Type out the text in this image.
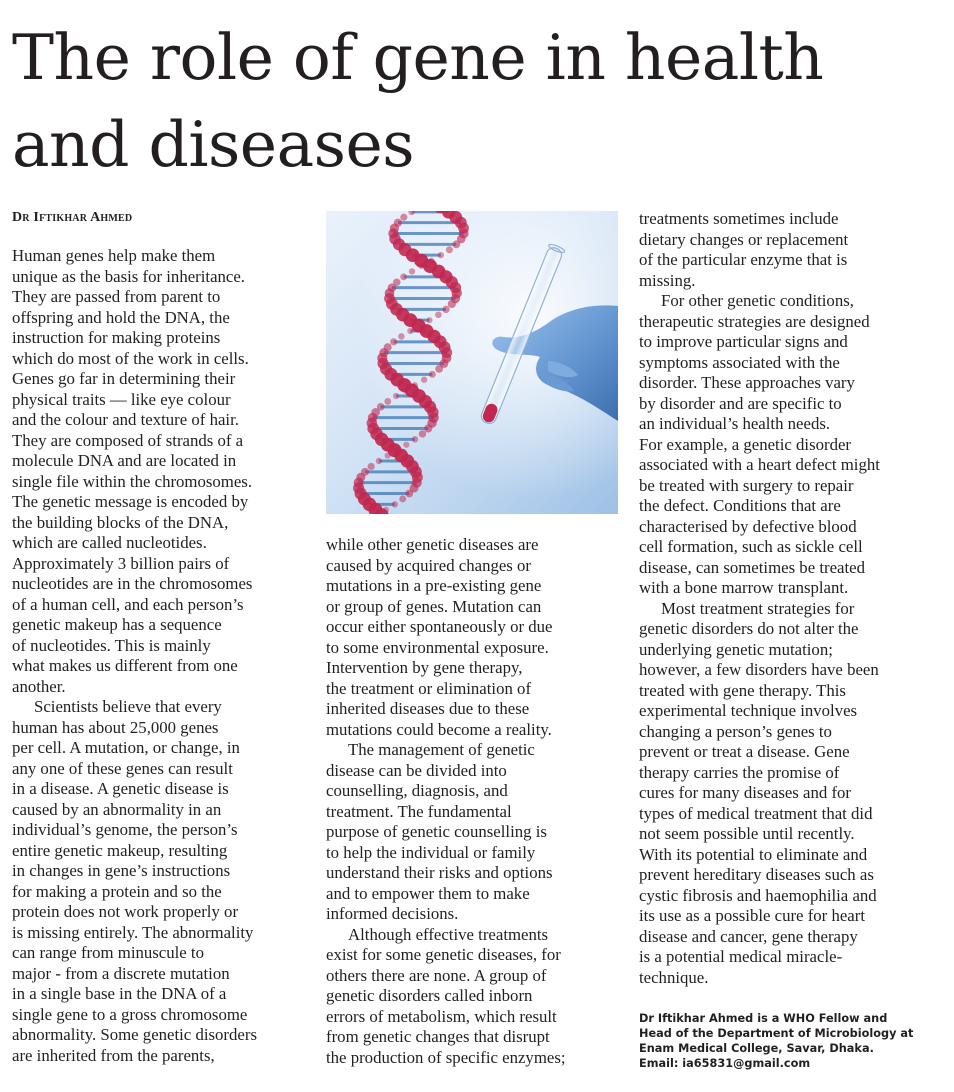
The role of gene in health
and diseases
Dr Iftikhar Ahmed

Human genes help make them
unique as the basis for inheritance.
They are passed from parent to
offspring and hold the DNA, the
instruction for making proteins
which do most of the work in cells.
Genes go far in determining their
physical traits — like eye colour
and the colour and texture of hair.
They are composed of strands of a
molecule DNA and are located in
single file within the chromosomes.
The genetic message is encoded by
the building blocks of the DNA,
which are called nucleotides.
Approximately 3 billion pairs of
nucleotides are in the chromosomes
of a human cell, and each person’s
genetic makeup has a sequence
of nucleotides. This is mainly
what makes us different from one
another.

Scientists believe that every
human has about 25,000 genes
per cell. A mutation, or change, in
any one of these genes can result
in a disease. A genetic disease is
caused by an abnormality in an
individual’s genome, the person’s
entire genetic makeup, resulting
in changes in gene’s instructions
for making a protein and so the
protein does not work properly or
is missing entirely. The abnormality
can range from minuscule to
major - from a discrete mutation
in a single base in the DNA of a
single gene to a gross chromosome
abnormality. Some genetic disorders
are inherited from the parents,

while other genetic diseases are
caused by acquired changes or
mutations in a pre-existing gene
or group of genes. Mutation can
occur either spontaneously or due
to some environmental exposure.
Intervention by gene therapy,
the treatment or elimination of
inherited diseases due to these
mutations could become a reality.

The management of genetic
disease can be divided into
counselling, diagnosis, and
treatment. The fundamental
purpose of genetic counselling is
to help the individual or family
understand their risks and options
and to empower them to make
informed decisions.

Although effective treatments
exist for some genetic diseases, for
others there are none. A group of
genetic disorders called inborn
errors of metabolism, which result
from genetic changes that disrupt
the production of specific enzymes;

treatments sometimes include
dietary changes or replacement
of the particular enzyme that is
missing.

For other genetic conditions,
therapeutic strategies are designed
to improve particular signs and
symptoms associated with the
disorder. These approaches vary
by disorder and are specific to
an individual’s health needs.
For example, a genetic disorder
associated with a heart defect might
be treated with surgery to repair
the defect. Conditions that are
characterised by defective blood
cell formation, such as sickle cell
disease, can sometimes be treated
with a bone marrow transplant.

Most treatment strategies for
genetic disorders do not alter the
underlying genetic mutation;
however, a few disorders have been
treated with gene therapy. This
experimental technique involves
changing a person’s genes to
prevent or treat a disease. Gene
therapy carries the promise of
cures for many diseases and for
types of medical treatment that did
not seem possible until recently.
With its potential to eliminate and
prevent hereditary diseases such as
cystic fibrosis and haemophilia and
its use as a possible cure for heart
disease and cancer, gene therapy
is a potential medical miracle-
technique.

Dr Iftikhar Ahmed is a WHO Fellow and
Head of the Department of Microbiology at
Enam Medical College, Savar, Dhaka.
Email: ia65831@gmail.com
